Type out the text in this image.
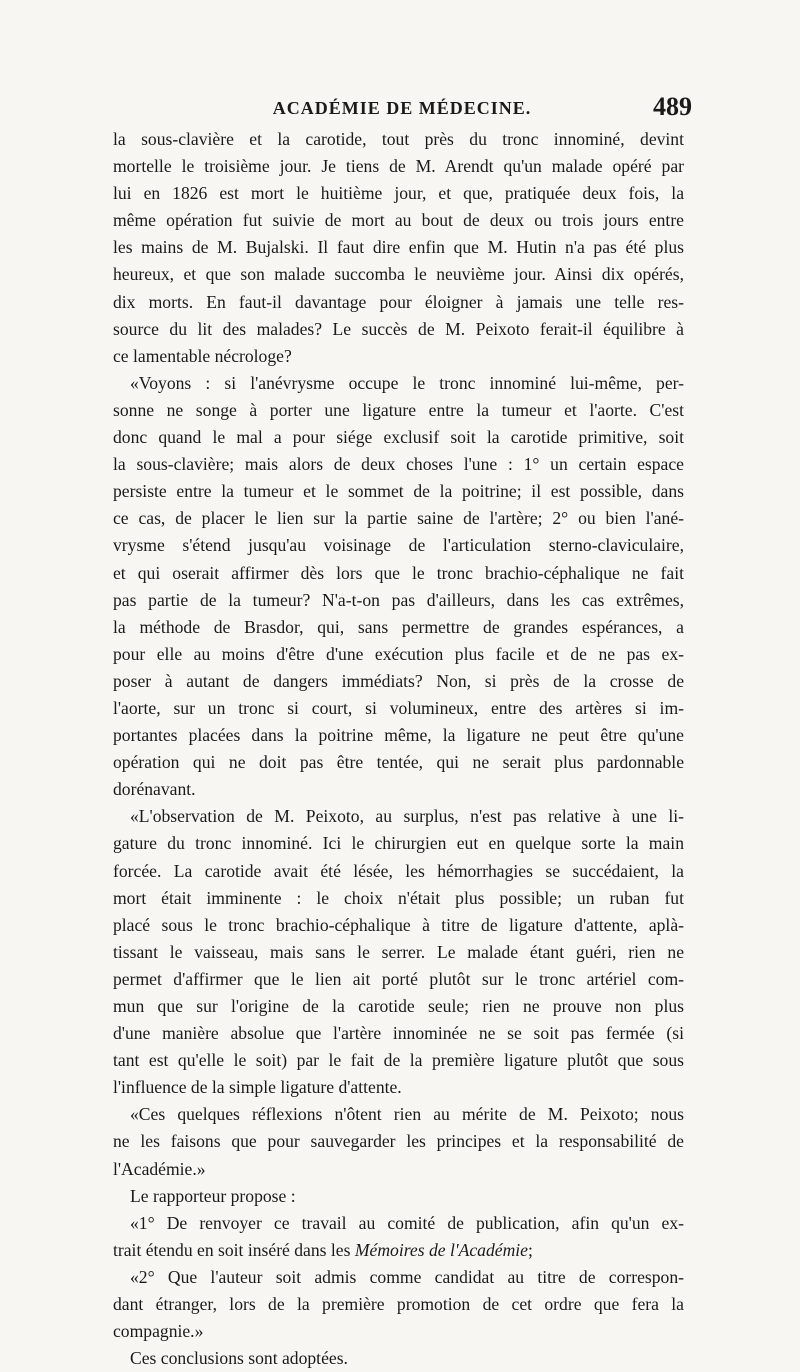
ACADÉMIE DE MÉDECINE.	489
la sous-clavière et la carotide, tout près du tronc innominé, devint
mortelle le troisième jour. Je tiens de M. Arendt qu'un malade opéré par
lui en 1826 est mort le huitième jour, et que, pratiquée deux fois, la
même opération fut suivie de mort au bout de deux ou trois jours entre
les mains de M. Bujalski. Il faut dire enfin que M. Hutin n'a pas été plus
heureux, et que son malade succomba le neuvième jour. Ainsi dix opérés,
dix morts. En faut-il davantage pour éloigner à jamais une telle res-
source du lit des malades? Le succès de M. Peixoto ferait-il équilibre à
ce lamentable nécrologe?
«Voyons : si l'anévrysme occupe le tronc innominé lui-même, per-
sonne ne songe à porter une ligature entre la tumeur et l'aorte. C'est
donc quand le mal a pour siége exclusif soit la carotide primitive, soit
la sous-clavière; mais alors de deux choses l'une : 1° un certain espace
persiste entre la tumeur et le sommet de la poitrine; il est possible, dans
ce cas, de placer le lien sur la partie saine de l'artère; 2° ou bien l'ané-
vrysme s'étend jusqu'au voisinage de l'articulation sterno-claviculaire,
et qui oserait affirmer dès lors que le tronc brachio-céphalique ne fait
pas partie de la tumeur? N'a-t-on pas d'ailleurs, dans les cas extrêmes,
la méthode de Brasdor, qui, sans permettre de grandes espérances, a
pour elle au moins d'être d'une exécution plus facile et de ne pas ex-
poser à autant de dangers immédiats? Non, si près de la crosse de
l'aorte, sur un tronc si court, si volumineux, entre des artères si im-
portantes placées dans la poitrine même, la ligature ne peut être qu'une
opération qui ne doit pas être tentée, qui ne serait plus pardonnable
dorénavant.
«L'observation de M. Peixoto, au surplus, n'est pas relative à une li-
gature du tronc innominé. Ici le chirurgien eut en quelque sorte la main
forcée. La carotide avait été lésée, les hémorrhagies se succédaient, la
mort était imminente : le choix n'était plus possible; un ruban fut
placé sous le tronc brachio-céphalique à titre de ligature d'attente, aplà-
tissant le vaisseau, mais sans le serrer. Le malade étant guéri, rien ne
permet d'affirmer que le lien ait porté plutôt sur le tronc artériel com-
mun que sur l'origine de la carotide seule; rien ne prouve non plus
d'une manière absolue que l'artère innominée ne se soit pas fermée (si
tant est qu'elle le soit) par le fait de la première ligature plutôt que sous
l'influence de la simple ligature d'attente.
«Ces quelques réflexions n'ôtent rien au mérite de M. Peixoto; nous
ne les faisons que pour sauvegarder les principes et la responsabilité de
l'Académie.»
Le rapporteur propose :
«1° De renvoyer ce travail au comité de publication, afin qu'un ex-
trait étendu en soit inséré dans les Mémoires de l'Académie;
«2° Que l'auteur soit admis comme candidat au titre de correspon-
dant étranger, lors de la première promotion de cet ordre que fera la
compagnie.»
Ces conclusions sont adoptées.
